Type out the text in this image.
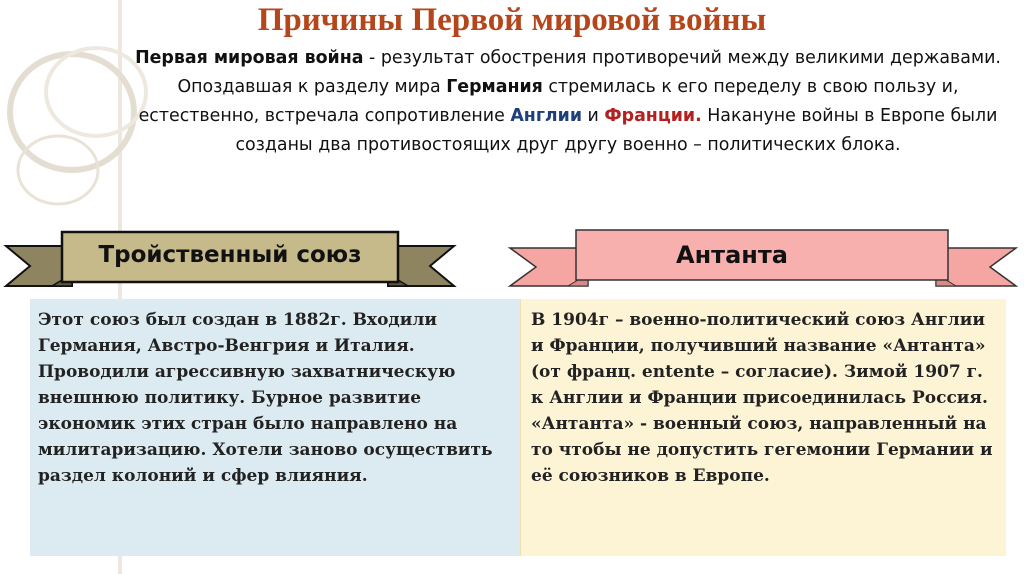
Причины Первой мировой войны
Первая мировая война - результат обострения противоречий между великими державами. Опоздавшая к разделу мира Германия стремилась к его переделу в свою пользу и, естественно, встречала сопротивление Англии и Франции. Накануне войны в Европе были созданы два противостоящих друг другу военно – политических блока.
Тройственный союз	Антанта
Этот союз был создан в 1882г. Входили Германия, Австро-Венгрия и Италия. Проводили агрессивную захватническую внешнюю политику. Бурное развитие экономик этих стран было направлено на милитаризацию. Хотели заново осуществить раздел колоний и сфер влияния.
В 1904г – военно-политический союз Англии и Франции, получивший название «Антанта» (от франц. entente – согласие). Зимой 1907 г. к Англии и Франции присоединилась Россия. «Антанта» - военный союз, направленный на то чтобы не допустить гегемонии Германии и её союзников в Европе.
